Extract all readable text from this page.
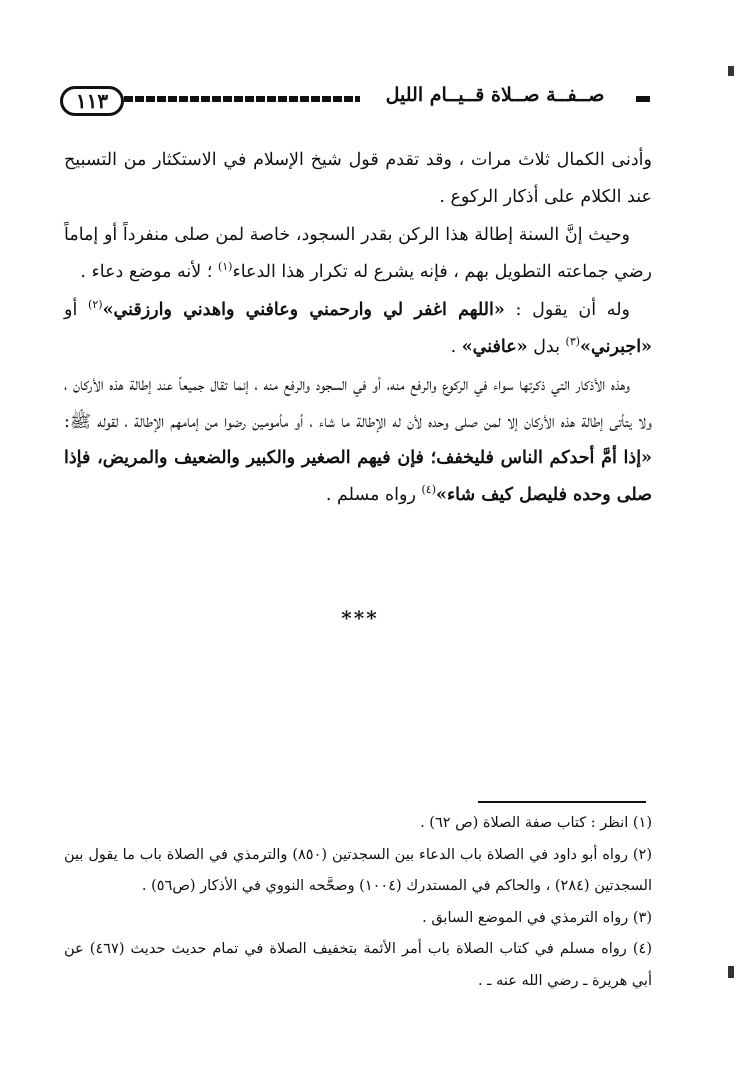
١١٣	صــفــة صــلاة قــيــام الليل

وأدنى الكمال ثلاث مرات ، وقد تقدم قول شيخ الإسلام في الاستكثار من التسبيح عند الكلام على أذكار الركوع .

وحيث إنَّ السنة إطالة هذا الركن بقدر السجود، خاصة لمن صلى منفرداً أو إماماً رضي جماعته التطويل بهم ، فإنه يشرع له تكرار هذا الدعاء$^{(١)}$ ؛ لأنه موضع دعاء .

وله أن يقول : «اللهم اغفر لي وارحمني وعافني واهدني وارزقني»$^{(٢)}$ أو «اجبرني»$^{(٣)}$ بدل «عافني» .

وهذه الأذكار التي ذكرتها سواء في الركوع والرفع منه، أو في السجود والرفع منه ، إنما تقال جميعاً عند إطالة هذه الأركان ، ولا يتأتى إطالة هذه الأركان إلا لمن صلى وحده لأن له الإطالة ما شاء ، أو مأمومين رضوا من إمامهم الإطالة ، لقوله ﷺ: «إذا أمَّ أحدكم الناس فليخفف؛ فإن فيهم الصغير والكبير والضعيف والمريض، فإذا صلى وحده فليصل كيف شاء»$^{(٤)}$ رواه مسلم .

***

(١) انظر : كتاب صفة الصلاة (ص ٦٢) .

(٢) رواه أبو داود في الصلاة باب الدعاء بين السجدتين (٨٥٠) والترمذي في الصلاة باب ما يقول بين السجدتين (٢٨٤) ، والحاكم في المستدرك (١٠٠٤) وصحَّحه النووي في الأذكار (ص٥٦) .

(٣) رواه الترمذي في الموضع السابق .

(٤) رواه مسلم في كتاب الصلاة باب أمر الأئمة بتخفيف الصلاة في تمام حديث حديث (٤٦٧) عن أبي هريرة ـ رضي الله عنه ـ .
